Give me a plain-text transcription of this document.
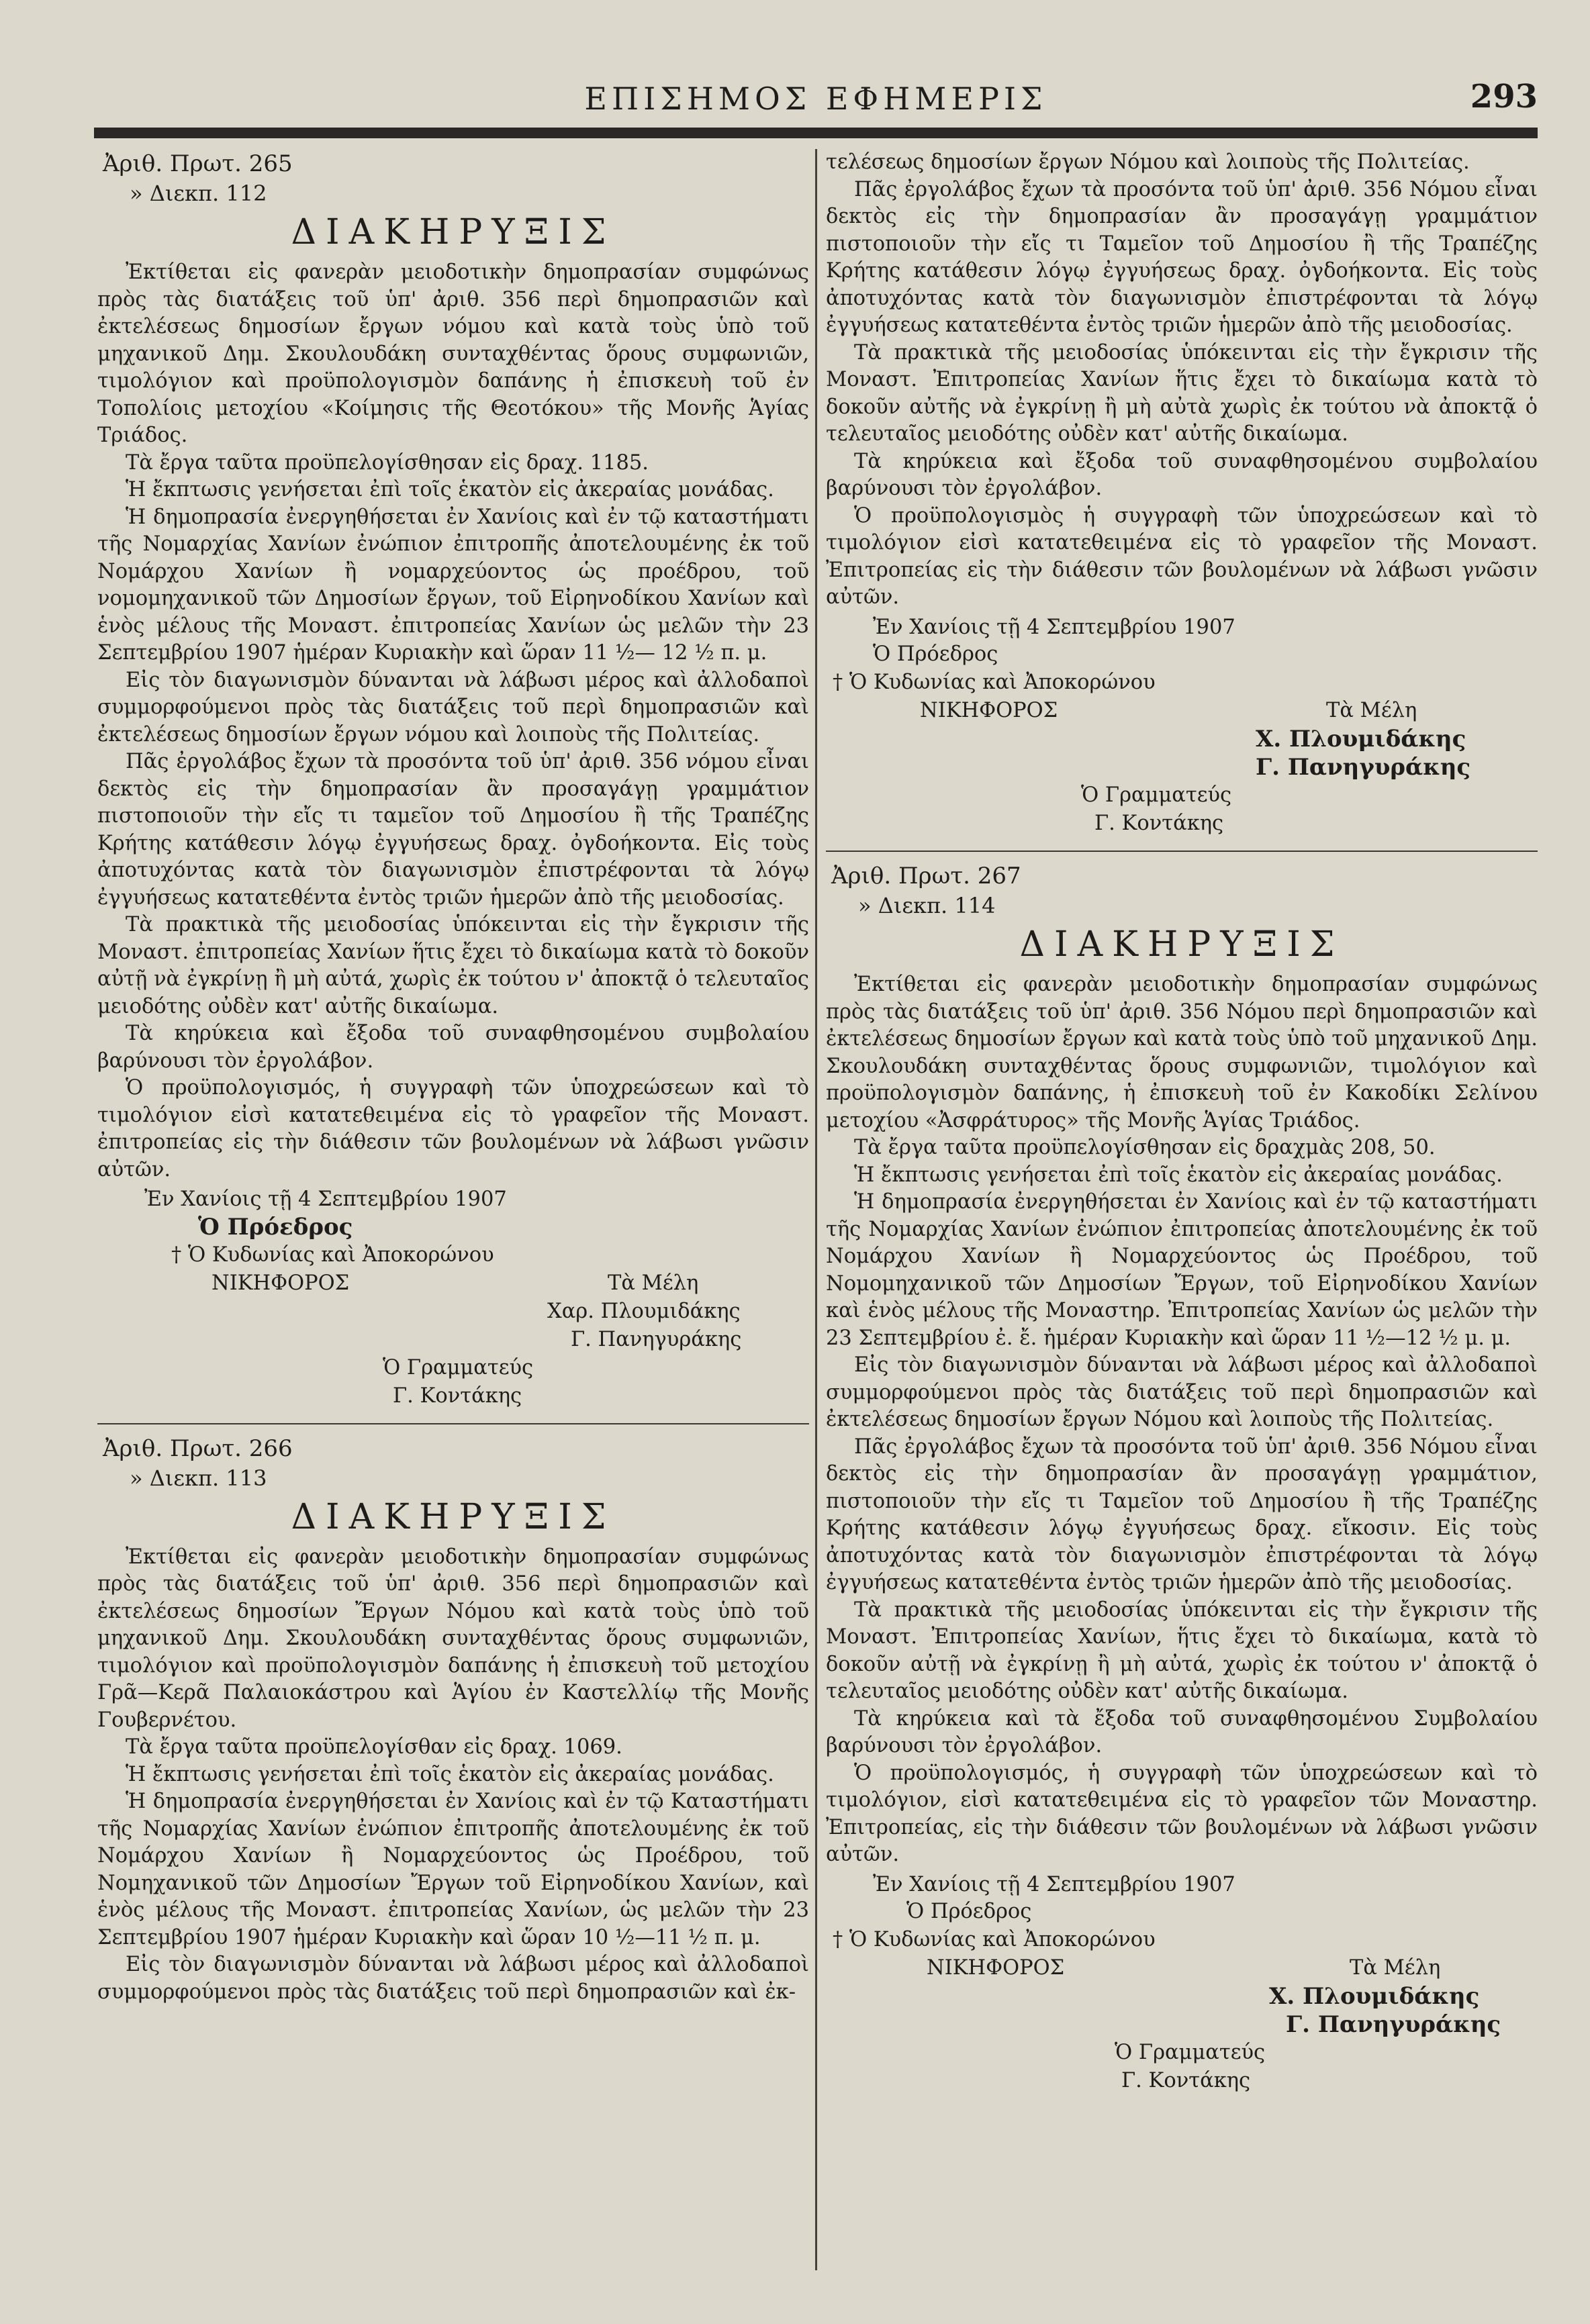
ΕΠΙΣΗΜΟΣ ΕΦΗΜΕΡΙΣ	293
Ἀριθ. Πρωτ. 265
» Διεκπ. 112
ΔΙΑΚΗΡΥΞΙΣ

Ἐκτίθεται εἰς φανερὰν μειοδοτικὴν δημοπρασίαν συμφώνως πρὸς τὰς διατάξεις τοῦ ὑπ' ἀριθ. 356 περὶ δημοπρασιῶν καὶ ἐκτελέσεως δημοσίων ἔργων νόμου καὶ κατὰ τοὺς ὑπὸ τοῦ μηχανικοῦ Δημ. Σκουλουδάκη συνταχθέντας ὅρους συμφωνιῶν, τιμολόγιον καὶ προϋπολογισμὸν δαπάνης ἡ ἐπισκευὴ τοῦ ἐν Τοπολίοις μετοχίου «Κοίμησις τῆς Θεοτόκου» τῆς Μονῆς Ἁγίας Τριάδος.

Τὰ ἔργα ταῦτα προϋπελογίσθησαν εἰς δραχ. 1185.

Ἡ ἔκπτωσις γενήσεται ἐπὶ τοῖς ἑκατὸν εἰς ἀκεραίας μονάδας.

Ἡ δημοπρασία ἐνεργηθήσεται ἐν Χανίοις καὶ ἐν τῷ καταστήματι τῆς Νομαρχίας Χανίων ἐνώπιον ἐπιτροπῆς ἀποτελουμένης ἐκ τοῦ Νομάρχου Χανίων ἢ νομαρχεύοντος ὡς προέδρου, τοῦ νομομηχανικοῦ τῶν Δημοσίων ἔργων, τοῦ Εἰρηνοδίκου Χανίων καὶ ἑνὸς μέλους τῆς Μοναστ. ἐπιτροπείας Χανίων ὡς μελῶν τὴν 23 Σεπτεμβρίου 1907 ἡμέραν Κυριακὴν καὶ ὥραν 11 ½— 12 ½ π. μ.

Εἰς τὸν διαγωνισμὸν δύνανται νὰ λάβωσι μέρος καὶ ἀλλοδαποὶ συμμορφούμενοι πρὸς τὰς διατάξεις τοῦ περὶ δημοπρασιῶν καὶ ἐκτελέσεως δημοσίων ἔργων νόμου καὶ λοιποὺς τῆς Πολιτείας.

Πᾶς ἐργολάβος ἔχων τὰ προσόντα τοῦ ὑπ' ἀριθ. 356 νόμου εἶναι δεκτὸς εἰς τὴν δημοπρασίαν ἂν προσαγάγῃ γραμμάτιον πιστοποιοῦν τὴν εἴς τι ταμεῖον τοῦ Δημοσίου ἢ τῆς Τραπέζης Κρήτης κατάθεσιν λόγῳ ἐγγυήσεως δραχ. ὀγδοήκοντα. Εἰς τοὺς ἀποτυχόντας κατὰ τὸν διαγωνισμὸν ἐπιστρέφονται τὰ λόγῳ ἐγγυήσεως κατατεθέντα ἐντὸς τριῶν ἡμερῶν ἀπὸ τῆς μειοδοσίας.

Τὰ πρακτικὰ τῆς μειοδοσίας ὑπόκεινται εἰς τὴν ἔγκρισιν τῆς Μοναστ. ἐπιτροπείας Χανίων ἥτις ἔχει τὸ δικαίωμα κατὰ τὸ δοκοῦν αὐτῇ νὰ ἐγκρίνῃ ἢ μὴ αὐτά, χωρὶς ἐκ τούτου ν' ἀποκτᾷ ὁ τελευταῖος μειοδότης οὐδὲν κατ' αὐτῆς δικαίωμα.

Τὰ κηρύκεια καὶ ἔξοδα τοῦ συναφθησομένου συμβολαίου βαρύνουσι τὸν ἐργολάβον.

Ὁ προϋπολογισμός, ἡ συγγραφὴ τῶν ὑποχρεώσεων καὶ τὸ τιμολόγιον εἰσὶ κατατεθειμένα εἰς τὸ γραφεῖον τῆς Μοναστ. ἐπιτροπείας εἰς τὴν διάθεσιν τῶν βουλομένων νὰ λάβωσι γνῶσιν αὐτῶν.

Ἐν Χανίοις τῇ 4 Σεπτεμβρίου 1907
Ὁ Πρόεδρος
† Ὁ Κυδωνίας καὶ Ἀποκορώνου
ΝΙΚΗΦΟΡΟΣ	Τὰ Μέλη
Χαρ. Πλουμιδάκης
Γ. Πανηγυράκης
Ὁ Γραμματεύς
Γ. Κοντάκης
Ἀριθ. Πρωτ. 266
» Διεκπ. 113
ΔΙΑΚΗΡΥΞΙΣ

Ἐκτίθεται εἰς φανερὰν μειοδοτικὴν δημοπρασίαν συμφώνως πρὸς τὰς διατάξεις τοῦ ὑπ' ἀριθ. 356 περὶ δημοπρασιῶν καὶ ἐκτελέσεως δημοσίων Ἔργων Νόμου καὶ κατὰ τοὺς ὑπὸ τοῦ μηχανικοῦ Δημ. Σκουλουδάκη συνταχθέντας ὅρους συμφωνιῶν, τιμολόγιον καὶ προϋπολογισμὸν δαπάνης ἡ ἐπισκευὴ τοῦ μετοχίου Γρᾶ—Κερᾶ Παλαιοκάστρου καὶ Ἁγίου ἐν Καστελλίῳ τῆς Μονῆς Γουβερνέτου.

Τὰ ἔργα ταῦτα προϋπελογίσθαν εἰς δραχ. 1069.

Ἡ ἔκπτωσις γενήσεται ἐπὶ τοῖς ἑκατὸν εἰς ἀκεραίας μονάδας.

Ἡ δημοπρασία ἐνεργηθήσεται ἐν Χανίοις καὶ ἐν τῷ Καταστήματι τῆς Νομαρχίας Χανίων ἐνώπιον ἐπιτροπῆς ἀποτελουμένης ἐκ τοῦ Νομάρχου Χανίων ἢ Νομαρχεύοντος ὡς Προέδρου, τοῦ Νομηχανικοῦ τῶν Δημοσίων Ἔργων τοῦ Εἰρηνοδίκου Χανίων, καὶ ἑνὸς μέλους τῆς Μοναστ. ἐπιτροπείας Χανίων, ὡς μελῶν τὴν 23 Σεπτεμβρίου 1907 ἡμέραν Κυριακὴν καὶ ὥραν 10 ½—11 ½ π. μ.

Εἰς τὸν διαγωνισμὸν δύνανται νὰ λάβωσι μέρος καὶ ἀλλοδαποὶ συμμορφούμενοι πρὸς τὰς διατάξεις τοῦ περὶ δημοπρασιῶν καὶ ἐκ-

τελέσεως δημοσίων ἔργων Νόμου καὶ λοιποὺς τῆς Πολιτείας.

Πᾶς ἐργολάβος ἔχων τὰ προσόντα τοῦ ὑπ' ἀριθ. 356 Νόμου εἶναι δεκτὸς εἰς τὴν δημοπρασίαν ἂν προσαγάγῃ γραμμάτιον πιστοποιοῦν τὴν εἴς τι Ταμεῖον τοῦ Δημοσίου ἢ τῆς Τραπέζης Κρήτης κατάθεσιν λόγῳ ἐγγυήσεως δραχ. ὀγδοήκοντα. Εἰς τοὺς ἀποτυχόντας κατὰ τὸν διαγωνισμὸν ἐπιστρέφονται τὰ λόγῳ ἐγγυήσεως κατατεθέντα ἐντὸς τριῶν ἡμερῶν ἀπὸ τῆς μειοδοσίας.

Τὰ πρακτικὰ τῆς μειοδοσίας ὑπόκεινται εἰς τὴν ἔγκρισιν τῆς Μοναστ. Ἐπιτροπείας Χανίων ἥτις ἔχει τὸ δικαίωμα κατὰ τὸ δοκοῦν αὐτῆς νὰ ἐγκρίνῃ ἢ μὴ αὐτὰ χωρὶς ἐκ τούτου νὰ ἀποκτᾷ ὁ τελευταῖος μειοδότης οὐδὲν κατ' αὐτῆς δικαίωμα.

Τὰ κηρύκεια καὶ ἔξοδα τοῦ συναφθησομένου συμβολαίου βαρύνουσι τὸν ἐργολάβον.

Ὁ προϋπολογισμὸς ἡ συγγραφὴ τῶν ὑποχρεώσεων καὶ τὸ τιμολόγιον εἰσὶ κατατεθειμένα εἰς τὸ γραφεῖον τῆς Μοναστ. Ἐπιτροπείας εἰς τὴν διάθεσιν τῶν βουλομένων νὰ λάβωσι γνῶσιν αὐτῶν.

Ἐν Χανίοις τῇ 4 Σεπτεμβρίου 1907
Ὁ Πρόεδρος
† Ὁ Κυδωνίας καὶ Ἀποκορώνου
ΝΙΚΗΦΟΡΟΣ	Τὰ Μέλη
Χ. Πλουμιδάκης
Γ. Πανηγυράκης
Ὁ Γραμματεύς
Γ. Κοντάκης
Ἀριθ. Πρωτ. 267
» Διεκπ. 114
ΔΙΑΚΗΡΥΞΙΣ

Ἐκτίθεται εἰς φανερὰν μειοδοτικὴν δημοπρασίαν συμφώνως πρὸς τὰς διατάξεις τοῦ ὑπ' ἀριθ. 356 Νόμου περὶ δημοπρασιῶν καὶ ἐκτελέσεως δημοσίων ἔργων καὶ κατὰ τοὺς ὑπὸ τοῦ μηχανικοῦ Δημ. Σκουλουδάκη συνταχθέντας ὅρους συμφωνιῶν, τιμολόγιον καὶ προϋπολογισμὸν δαπάνης, ἡ ἐπισκευὴ τοῦ ἐν Κακοδίκι Σελίνου μετοχίου «Ἀσφράτυρος» τῆς Μονῆς Ἁγίας Τριάδος.

Τὰ ἔργα ταῦτα προϋπελογίσθησαν εἰς δραχμὰς 208, 50.

Ἡ ἔκπτωσις γενήσεται ἐπὶ τοῖς ἑκατὸν εἰς ἀκεραίας μονάδας.

Ἡ δημοπρασία ἐνεργηθήσεται ἐν Χανίοις καὶ ἐν τῷ καταστήματι τῆς Νομαρχίας Χανίων ἐνώπιον ἐπιτροπείας ἀποτελουμένης ἐκ τοῦ Νομάρχου Χανίων ἢ Νομαρχεύοντος ὡς Προέδρου, τοῦ Νομομηχανικοῦ τῶν Δημοσίων Ἔργων, τοῦ Εἰρηνοδίκου Χανίων καὶ ἑνὸς μέλους τῆς Μοναστηρ. Ἐπιτροπείας Χανίων ὡς μελῶν τὴν 23 Σεπτεμβρίου ἐ. ἔ. ἡμέραν Κυριακὴν καὶ ὥραν 11 ½—12 ½ μ. μ.

Εἰς τὸν διαγωνισμὸν δύνανται νὰ λάβωσι μέρος καὶ ἀλλοδαποὶ συμμορφούμενοι πρὸς τὰς διατάξεις τοῦ περὶ δημοπρασιῶν καὶ ἐκτελέσεως δημοσίων ἔργων Νόμου καὶ λοιποὺς τῆς Πολιτείας.

Πᾶς ἐργολάβος ἔχων τὰ προσόντα τοῦ ὑπ' ἀριθ. 356 Νόμου εἶναι δεκτὸς εἰς τὴν δημοπρασίαν ἂν προσαγάγῃ γραμμάτιον, πιστοποιοῦν τὴν εἴς τι Ταμεῖον τοῦ Δημοσίου ἢ τῆς Τραπέζης Κρήτης κατάθεσιν λόγῳ ἐγγυήσεως δραχ. εἴκοσιν. Εἰς τοὺς ἀποτυχόντας κατὰ τὸν διαγωνισμὸν ἐπιστρέφονται τὰ λόγῳ ἐγγυήσεως κατατεθέντα ἐντὸς τριῶν ἡμερῶν ἀπὸ τῆς μειοδοσίας.

Τὰ πρακτικὰ τῆς μειοδοσίας ὑπόκεινται εἰς τὴν ἔγκρισιν τῆς Μοναστ. Ἐπιτροπείας Χανίων, ἥτις ἔχει τὸ δικαίωμα, κατὰ τὸ δοκοῦν αὐτῇ νὰ ἐγκρίνῃ ἢ μὴ αὐτά, χωρὶς ἐκ τούτου ν' ἀποκτᾷ ὁ τελευταῖος μειοδότης οὐδὲν κατ' αὐτῆς δικαίωμα.

Τὰ κηρύκεια καὶ τὰ ἔξοδα τοῦ συναφθησομένου Συμβολαίου βαρύνουσι τὸν ἐργολάβον.

Ὁ προϋπολογισμός, ἡ συγγραφὴ τῶν ὑποχρεώσεων καὶ τὸ τιμολόγιον, εἰσὶ κατατεθειμένα εἰς τὸ γραφεῖον τῶν Μοναστηρ. Ἐπιτροπείας, εἰς τὴν διάθεσιν τῶν βουλομένων νὰ λάβωσι γνῶσιν αὐτῶν.

Ἐν Χανίοις τῇ 4 Σεπτεμβρίου 1907
Ὁ Πρόεδρος
† Ὁ Κυδωνίας καὶ Ἀποκορώνου
ΝΙΚΗΦΟΡΟΣ	Τὰ Μέλη
Χ. Πλουμιδάκης
Γ. Πανηγυράκης
Ὁ Γραμματεύς
Γ. Κοντάκης
